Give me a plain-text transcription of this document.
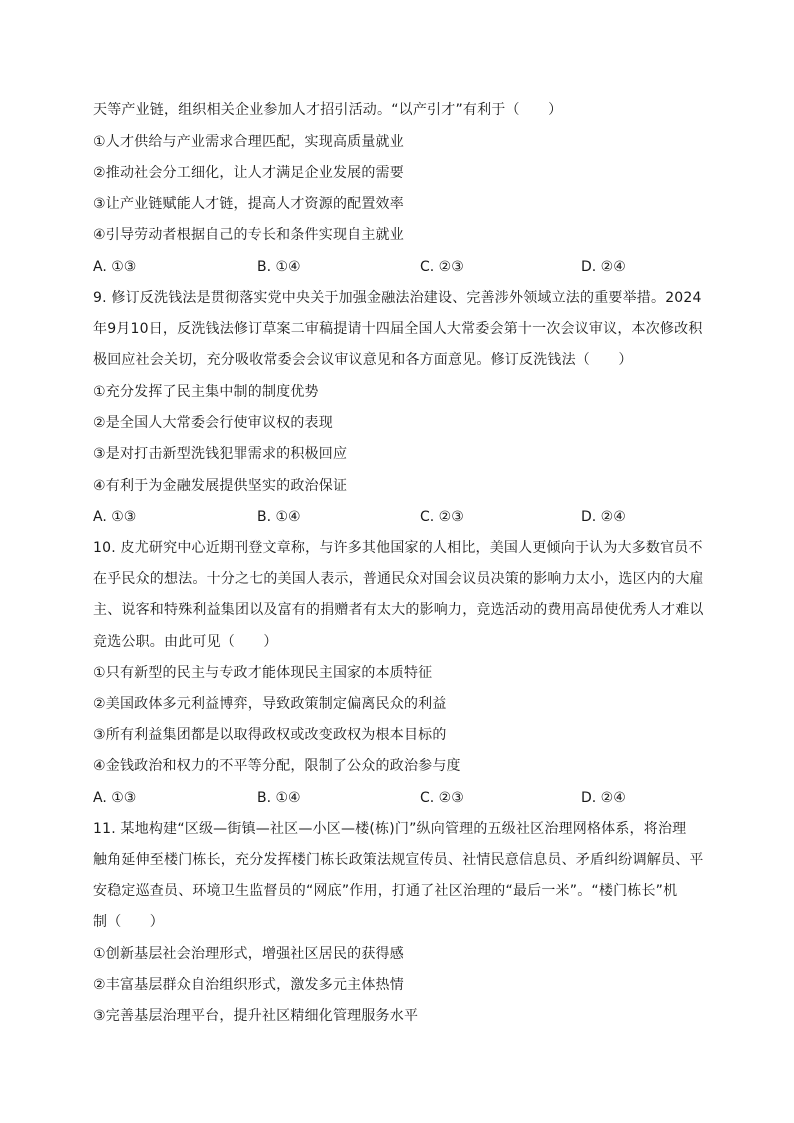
天等产业链，组织相关企业参加人才招引活动。“以产引才”有利于（　　）
①人才供给与产业需求合理匹配，实现高质量就业
②推动社会分工细化，让人才满足企业发展的需要
③让产业链赋能人才链，提高人才资源的配置效率
④引导劳动者根据自己的专长和条件实现自主就业
A. ①③	B. ①④	C. ②③	D. ②④
9. 修订反洗钱法是贯彻落实党中央关于加强金融法治建设、完善涉外领域立法的重要举措。2024
年9月10日，反洗钱法修订草案二审稿提请十四届全国人大常委会第十一次会议审议，本次修改积
极回应社会关切，充分吸收常委会会议审议意见和各方面意见。修订反洗钱法（　　）
①充分发挥了民主集中制的制度优势
②是全国人大常委会行使审议权的表现
③是对打击新型洗钱犯罪需求的积极回应
④有利于为金融发展提供坚实的政治保证
A. ①③	B. ①④	C. ②③	D. ②④
10. 皮尤研究中心近期刊登文章称，与许多其他国家的人相比，美国人更倾向于认为大多数官员不
在乎民众的想法。十分之七的美国人表示，普通民众对国会议员决策的影响力太小，选区内的大雇
主、说客和特殊利益集团以及富有的捐赠者有太大的影响力，竞选活动的费用高昂使优秀人才难以
竞选公职。由此可见（　　）
①只有新型的民主与专政才能体现民主国家的本质特征
②美国政体多元利益博弈，导致政策制定偏离民众的利益
③所有利益集团都是以取得政权或改变政权为根本目标的
④金钱政治和权力的不平等分配，限制了公众的政治参与度
A. ①③	B. ①④	C. ②③	D. ②④
11. 某地构建“区级—街镇—社区—小区—楼(栋)门”纵向管理的五级社区治理网格体系，将治理
触角延伸至楼门栋长，充分发挥楼门栋长政策法规宣传员、社情民意信息员、矛盾纠纷调解员、平
安稳定巡查员、环境卫生监督员的“网底”作用，打通了社区治理的“最后一米”。“楼门栋长”机
制（　　）
①创新基层社会治理形式，增强社区居民的获得感
②丰富基层群众自治组织形式，激发多元主体热情
③完善基层治理平台，提升社区精细化管理服务水平
